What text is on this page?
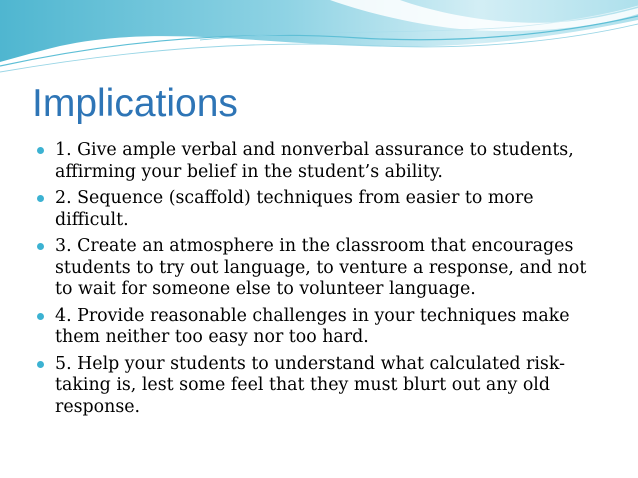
Implications
1. Give ample verbal and nonverbal assurance to students, affirming your belief in the student’s ability.
2. Sequence (scaffold) techniques from easier to more difficult.
3. Create an atmosphere in the classroom that encourages students to try out language, to venture a response, and not to wait for someone else to volunteer language.
4. Provide reasonable challenges in your techniques make them neither too easy nor too hard.
5. Help your students to understand what calculated risk-taking is, lest some feel that they must blurt out any old response.
